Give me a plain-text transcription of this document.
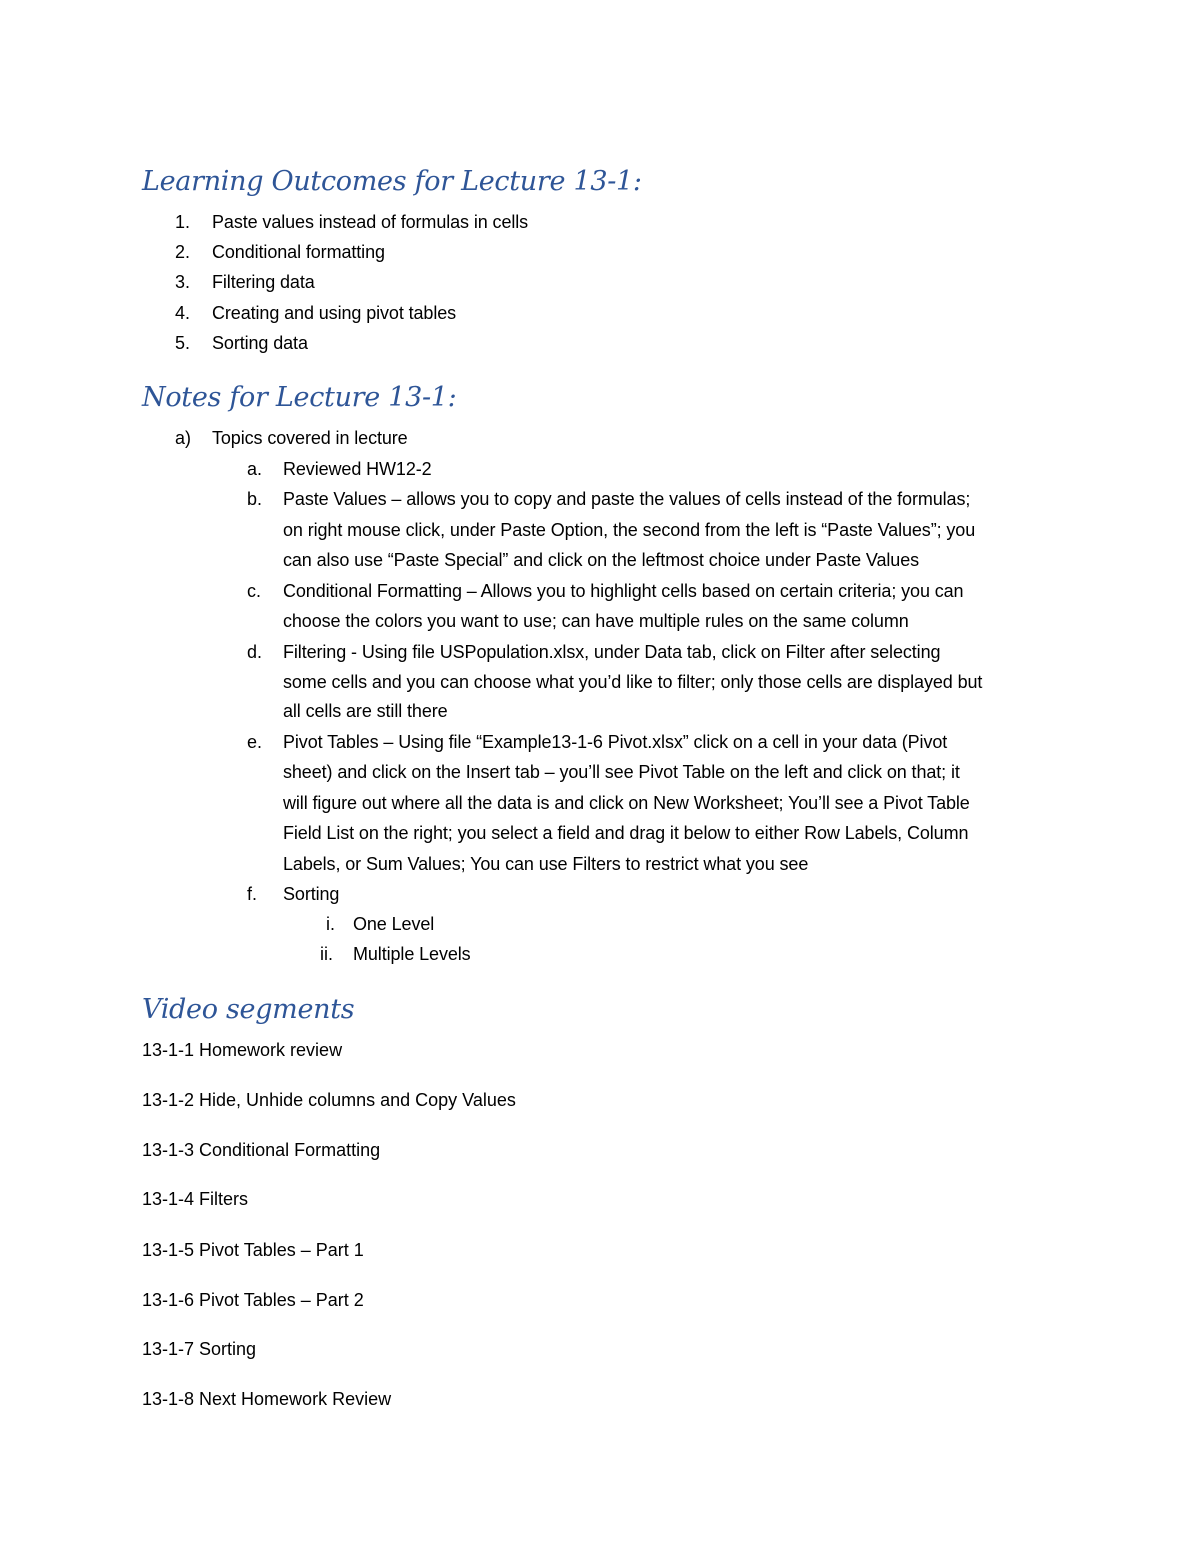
Learning Outcomes for Lecture 13-1:
1. Paste values instead of formulas in cells
2. Conditional formatting
3. Filtering data
4. Creating and using pivot tables
5. Sorting data
Notes for Lecture 13-1:
a) Topics covered in lecture
a. Reviewed HW12-2
b. Paste Values – allows you to copy and paste the values of cells instead of the formulas;
on right mouse click, under Paste Option, the second from the left is “Paste Values”; you
can also use “Paste Special” and click on the leftmost choice under Paste Values
c. Conditional Formatting – Allows you to highlight cells based on certain criteria; you can
choose the colors you want to use; can have multiple rules on the same column
d. Filtering - Using file USPopulation.xlsx, under Data tab, click on Filter after selecting
some cells and you can choose what you’d like to filter; only those cells are displayed but
all cells are still there
e. Pivot Tables – Using file “Example13-1-6 Pivot.xlsx” click on a cell in your data (Pivot
sheet) and click on the Insert tab – you’ll see Pivot Table on the left and click on that; it
will figure out where all the data is and click on New Worksheet; You’ll see a Pivot Table
Field List on the right; you select a field and drag it below to either Row Labels, Column
Labels, or Sum Values; You can use Filters to restrict what you see
f. Sorting
i. One Level
ii. Multiple Levels
Video segments
13-1-1 Homework review
13-1-2 Hide, Unhide columns and Copy Values
13-1-3 Conditional Formatting
13-1-4 Filters
13-1-5 Pivot Tables – Part 1
13-1-6 Pivot Tables – Part 2
13-1-7 Sorting
13-1-8 Next Homework Review
